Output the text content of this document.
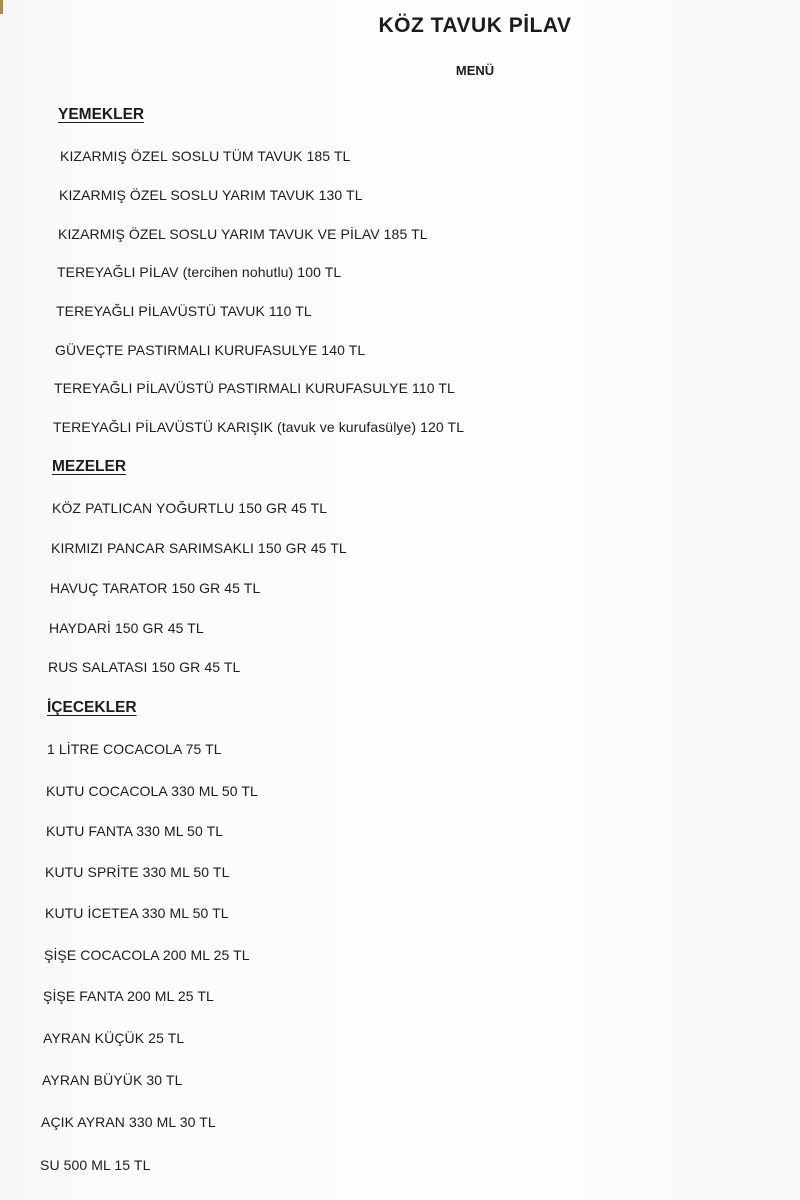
KÖZ TAVUK PİLAV
MENÜ
YEMEKLER
KIZARMIŞ ÖZEL SOSLU TÜM TAVUK 185 TL
KIZARMIŞ ÖZEL SOSLU YARIM TAVUK 130 TL
KIZARMIŞ ÖZEL SOSLU YARIM TAVUK VE PİLAV 185 TL
TEREYAĞLI PİLAV (tercihen nohutlu) 100 TL
TEREYAĞLI PİLAVÜSTÜ TAVUK 110 TL
GÜVEÇTE PASTIRMALI KURUFASULYE 140 TL
TEREYAĞLI PİLAVÜSTÜ PASTIRMALI KURUFASULYE 110 TL
TEREYAĞLI PİLAVÜSTÜ KARIŞIK (tavuk ve kurufasülye) 120 TL
MEZELER
KÖZ PATLICAN YOĞURTLU 150 GR 45 TL
KIRMIZI PANCAR SARIMSAKLI 150 GR 45 TL
HAVUÇ TARATOR 150 GR 45 TL
HAYDARİ 150 GR 45 TL
RUS SALATASI 150 GR 45 TL
İÇECEKLER
1 LİTRE COCACOLA 75 TL
KUTU COCACOLA 330 ML 50 TL
KUTU FANTA 330 ML 50 TL
KUTU SPRİTE 330 ML 50 TL
KUTU İCETEA 330 ML 50 TL
ŞİŞE COCACOLA 200 ML 25 TL
ŞİŞE FANTA 200 ML 25 TL
AYRAN KÜÇÜK 25 TL
AYRAN BÜYÜK 30 TL
AÇIK AYRAN 330 ML 30 TL
SU 500 ML 15 TL
